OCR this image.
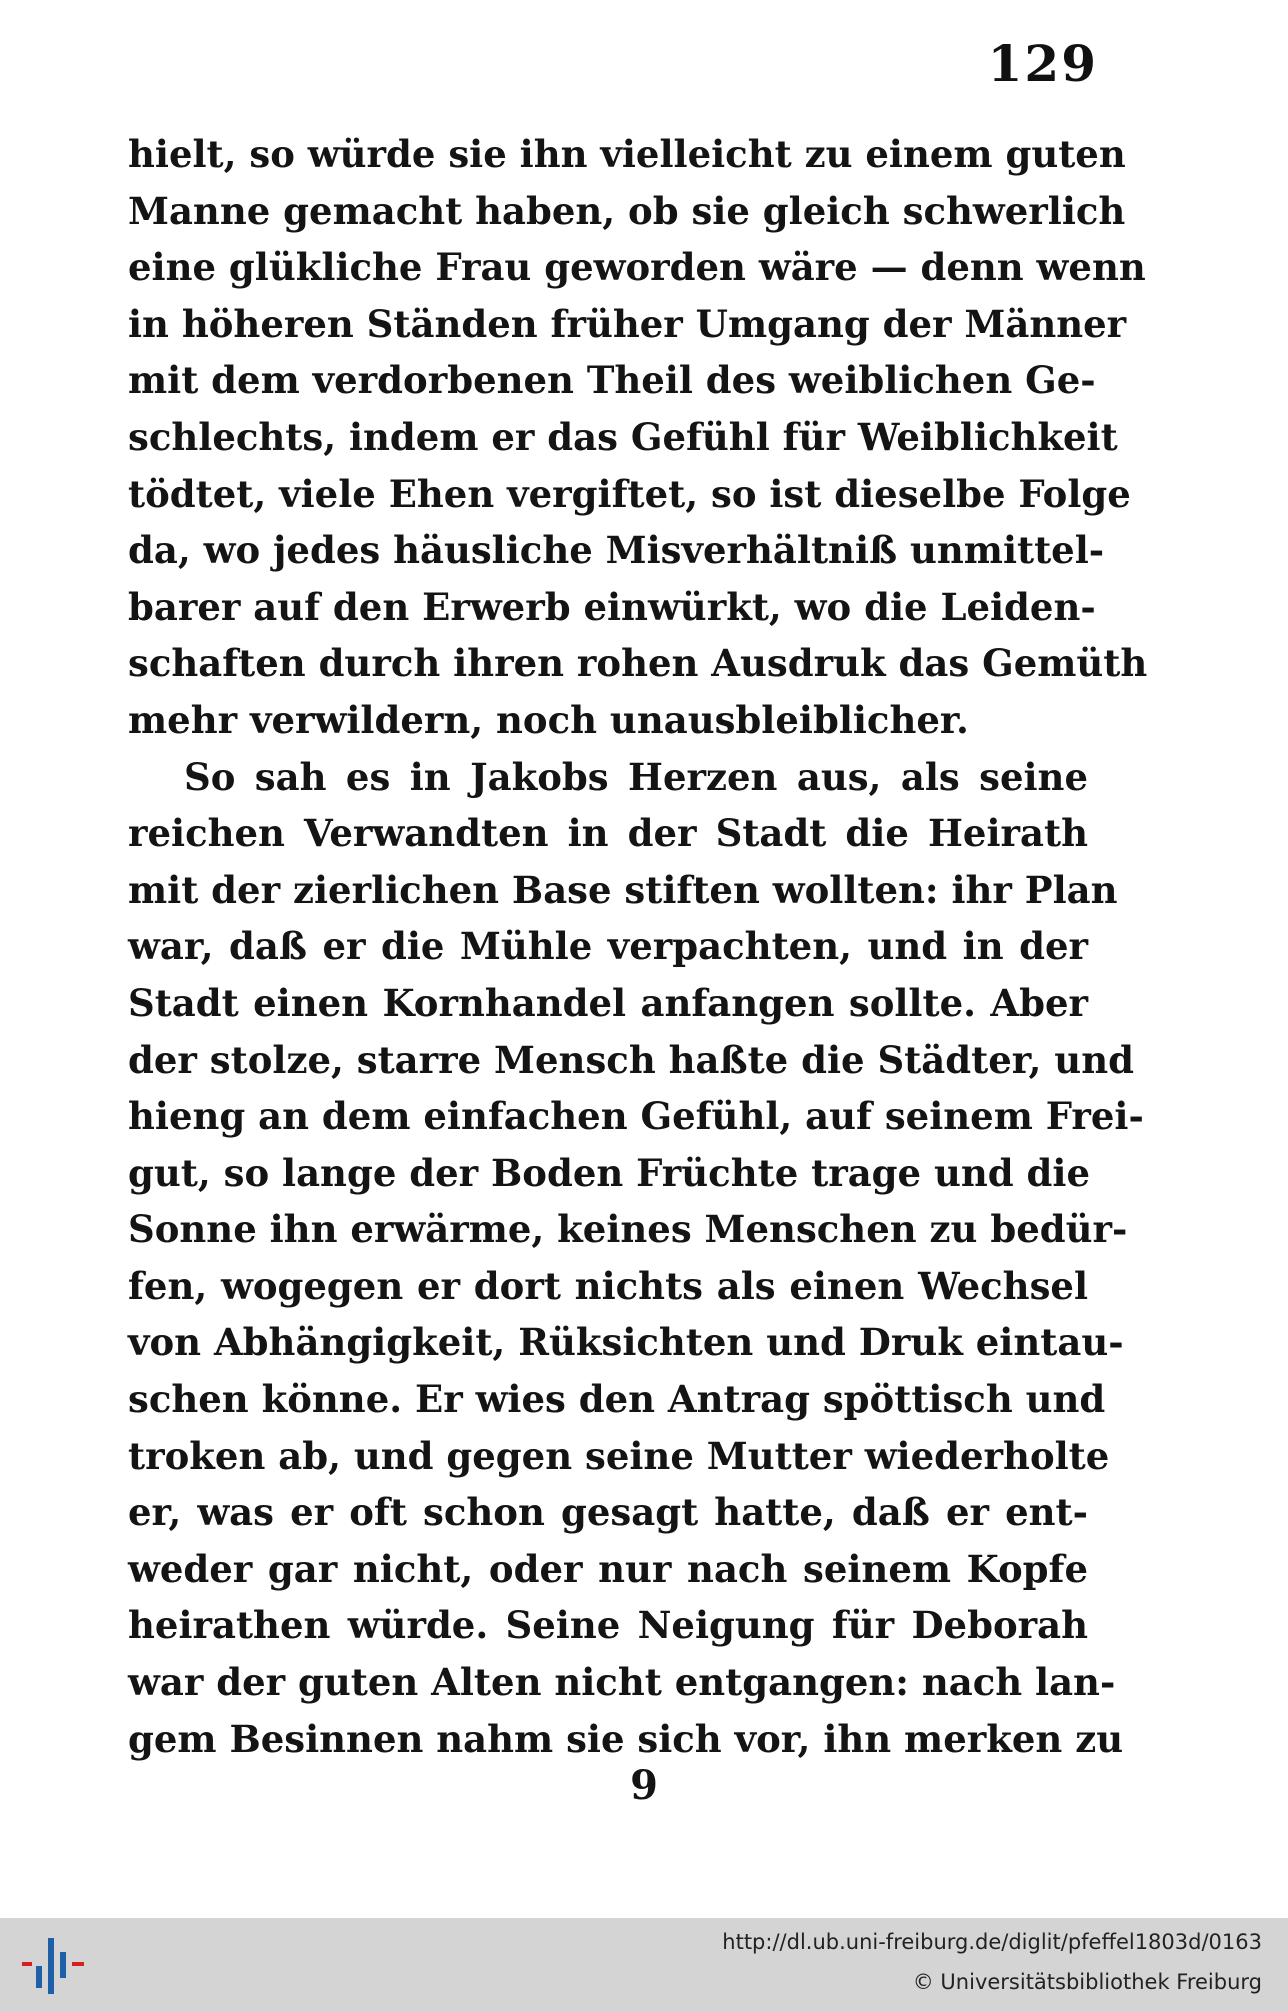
129
hielt, so würde sie ihn vielleicht zu einem guten
Manne gemacht haben, ob sie gleich schwerlich
eine glükliche Frau geworden wäre — denn wenn
in höheren Ständen früher Umgang der Männer
mit dem verdorbenen Theil des weiblichen Ge-
schlechts, indem er das Gefühl für Weiblichkeit
tödtet, viele Ehen vergiftet, so ist dieselbe Folge
da, wo jedes häusliche Misverhältniß unmittel-
barer auf den Erwerb einwürkt, wo die Leiden-
schaften durch ihren rohen Ausdruk das Gemüth
mehr verwildern, noch unausbleiblicher.
So sah es in Jakobs Herzen aus, als seine
reichen Verwandten in der Stadt die Heirath
mit der zierlichen Base stiften wollten: ihr Plan
war, daß er die Mühle verpachten, und in der
Stadt einen Kornhandel anfangen sollte. Aber
der stolze, starre Mensch haßte die Städter, und
hieng an dem einfachen Gefühl, auf seinem Frei-
gut, so lange der Boden Früchte trage und die
Sonne ihn erwärme, keines Menschen zu bedür-
fen, wogegen er dort nichts als einen Wechsel
von Abhängigkeit, Rüksichten und Druk eintau-
schen könne. Er wies den Antrag spöttisch und
troken ab, und gegen seine Mutter wiederholte
er, was er oft schon gesagt hatte, daß er ent-
weder gar nicht, oder nur nach seinem Kopfe
heirathen würde. Seine Neigung für Deborah
war der guten Alten nicht entgangen: nach lan-
gem Besinnen nahm sie sich vor, ihn merken zu
9
http://dl.ub.uni-freiburg.de/diglit/pfeffel1803d/0163
© Universitätsbibliothek Freiburg
